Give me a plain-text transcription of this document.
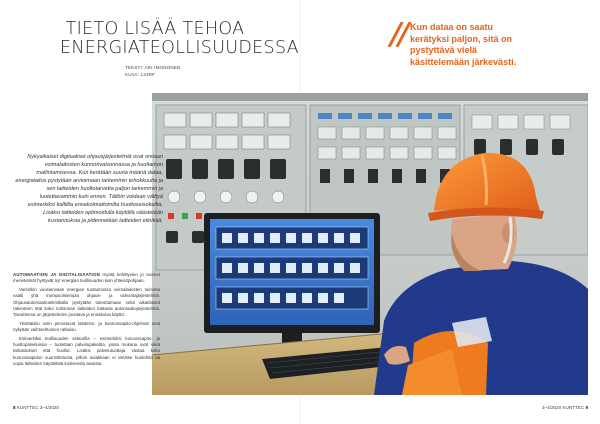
TIETO LISÄÄ TEHOA
ENERGIATEOLLISUUDESSA
TEKSTI: ARI IMONONEN
KUVA: 123RF
// Kun dataa on saatu kerätyksi paljon, sitä on pystyttävä vielä käsittelemään järkevästi.
Nykyaikaiset digitaaliset ohjausjärjestelmät ovat omiaan voimalaitosten kunnonvalvonnassa ja huoltamon mallintamisessa. Kun kerätään suuria määriä dataa, energialaitos pystytään arvioimaan tarkemmin tehokkuutta ja sen laitteiden huoltotarvetta paljon tarkemmin ja luotettavammin kuin ennen. Tällöin voidaan välttyä esimerkiksi kalliilta ennakoimattomilta huoltoseisokeilta. Lisäksi laitteiden optimoidulla käytöllä säästetään kustannuksia ja pidennetään laitteiden elinikää.

AUTOMAATION JA DIGITALISAATION myötä kehittyvien jo tuoreet menetelmät hyötyvät nyt energian teollisuuden kuin yhteisöpohjaan.

Varsinkin vuosienvaan energian tuotannossa voimalaitosten toiminta vaatii yhä monipuolisempia ohjaus- ja valvontajärjestelmiä. Ohjausautomaatiotekniikalla pystytään toteuttamaan sekä aikatilastot rakenteen että koko toiminnan laitteiden kattavia automaatiojärjestelmiä. Tavoitteena on järjestelmien joustava ja ennakoiva käyttö.

Yksittäisiin osiin perustuvat laitteisto- ja kunnossapito-ohjelmat ovat nykyään vaihtoehtoinen ratkaisu.

Esimerkiksi teollisuuden sektorilla – esimerkiksi kunnossapito- ja huoltopalveluissa – tuotetaan palvelupakettia, jossa mukana ovat sekä tarkastukset että huollot. Lisäksi palvelutuottaja vastaa koko kunnossapidon suunnittelusta, jolloin asiakkaan ei tarvitse huolehtia tai sopia laitteiden käyttöikää koskevista asioista.

8 KUNTTEC 3–4/2020	3–4/2020 KUNTTEC 9
